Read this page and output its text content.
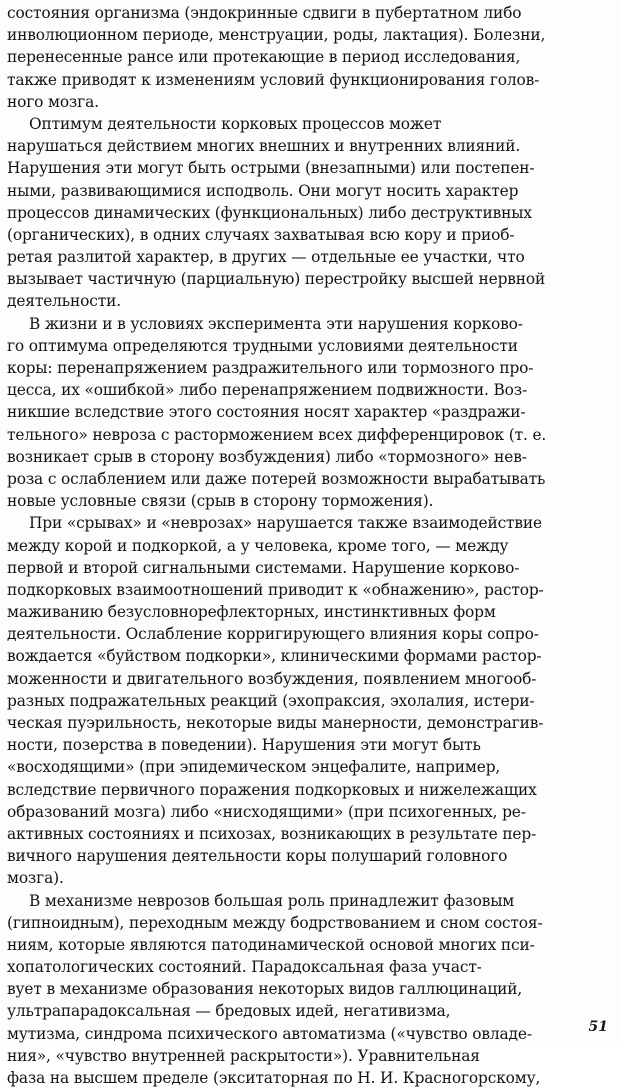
состояния организма (эндокринные сдвиги в пубертатном либо
инволюционном периоде, менструации, роды, лактация). Болезни,
перенесенные рансе или протекающие в период исследования,
также приводят к изменениям условий функционирования голов-
ного мозга.
Оптимум деятельности корковых процессов может
нарушаться действием многих внешних и внутренних влияний.
Нарушения эти могут быть острыми (внезапными) или постепен-
ными, развивающимися исподволь. Они могут носить характер
процессов динамических (функциональных) либо деструктивных
(органических), в одних случаях захватывая всю кору и приоб-
ретая разлитой характер, в других — отдельные ее участки, что
вызывает частичную (парциальную) перестройку высшей нервной
деятельности.
В жизни и в условиях эксперимента эти нарушения корково-
го оптимума определяются трудными условиями деятельности
коры: перенапряжением раздражительного или тормозного про-
цесса, их «ошибкой» либо перенапряжением подвижности. Воз-
никшие вследствие этого состояния носят характер «раздражи-
тельного» невроза с расторможением всех дифференцировок (т. е.
возникает срыв в сторону возбуждения) либо «тормозного» нев-
роза с ослаблением или даже потерей возможности вырабатывать
новые условные связи (срыв в сторону торможения).
При «срывах» и «неврозах» нарушается также взаимодействие
между корой и подкоркой, а у человека, кроме того, — между
первой и второй сигнальными системами. Нарушение корково-
подкорковых взаимоотношений приводит к «обнажению», растор-
маживанию безусловнорефлекторных, инстинктивных форм
деятельности. Ослабление корригирующего влияния коры сопро-
вождается «буйством подкорки», клиническими формами растор-
моженности и двигательного возбуждения, появлением многооб-
разных подражательных реакций (эхопраксия, эхолалия, истери-
ческая пуэрильность, некоторые виды манерности, демонстрагив-
ности, позерства в поведении). Нарушения эти могут быть
«восходящими» (при эпидемическом энцефалите, например,
вследствие первичного поражения подкорковых и нижележащих
образований мозга) либо «нисходящими» (при психогенных, ре-
активных состояниях и психозах, возникающих в результате пер-
вичного нарушения деятельности коры полушарий головного
мозга).
В механизме неврозов большая роль принадлежит фазовым
(гипноидным), переходным между бодрствованием и сном состоя-
ниям, которые являются патодинамической основой многих пси-
хопатологических состояний. Парадоксальная фаза участ-
вует в механизме образования некоторых видов галлюцинаций,
ультрапарадоксальная — бредовых идей, негативизма,
мутизма, синдрома психического автоматизма («чувство овладе-
ния», «чувство внутренней раскрытости»). Уравнительная
фаза на высшем пределе (экситаторная по Н. И. Красногорскому,
51
